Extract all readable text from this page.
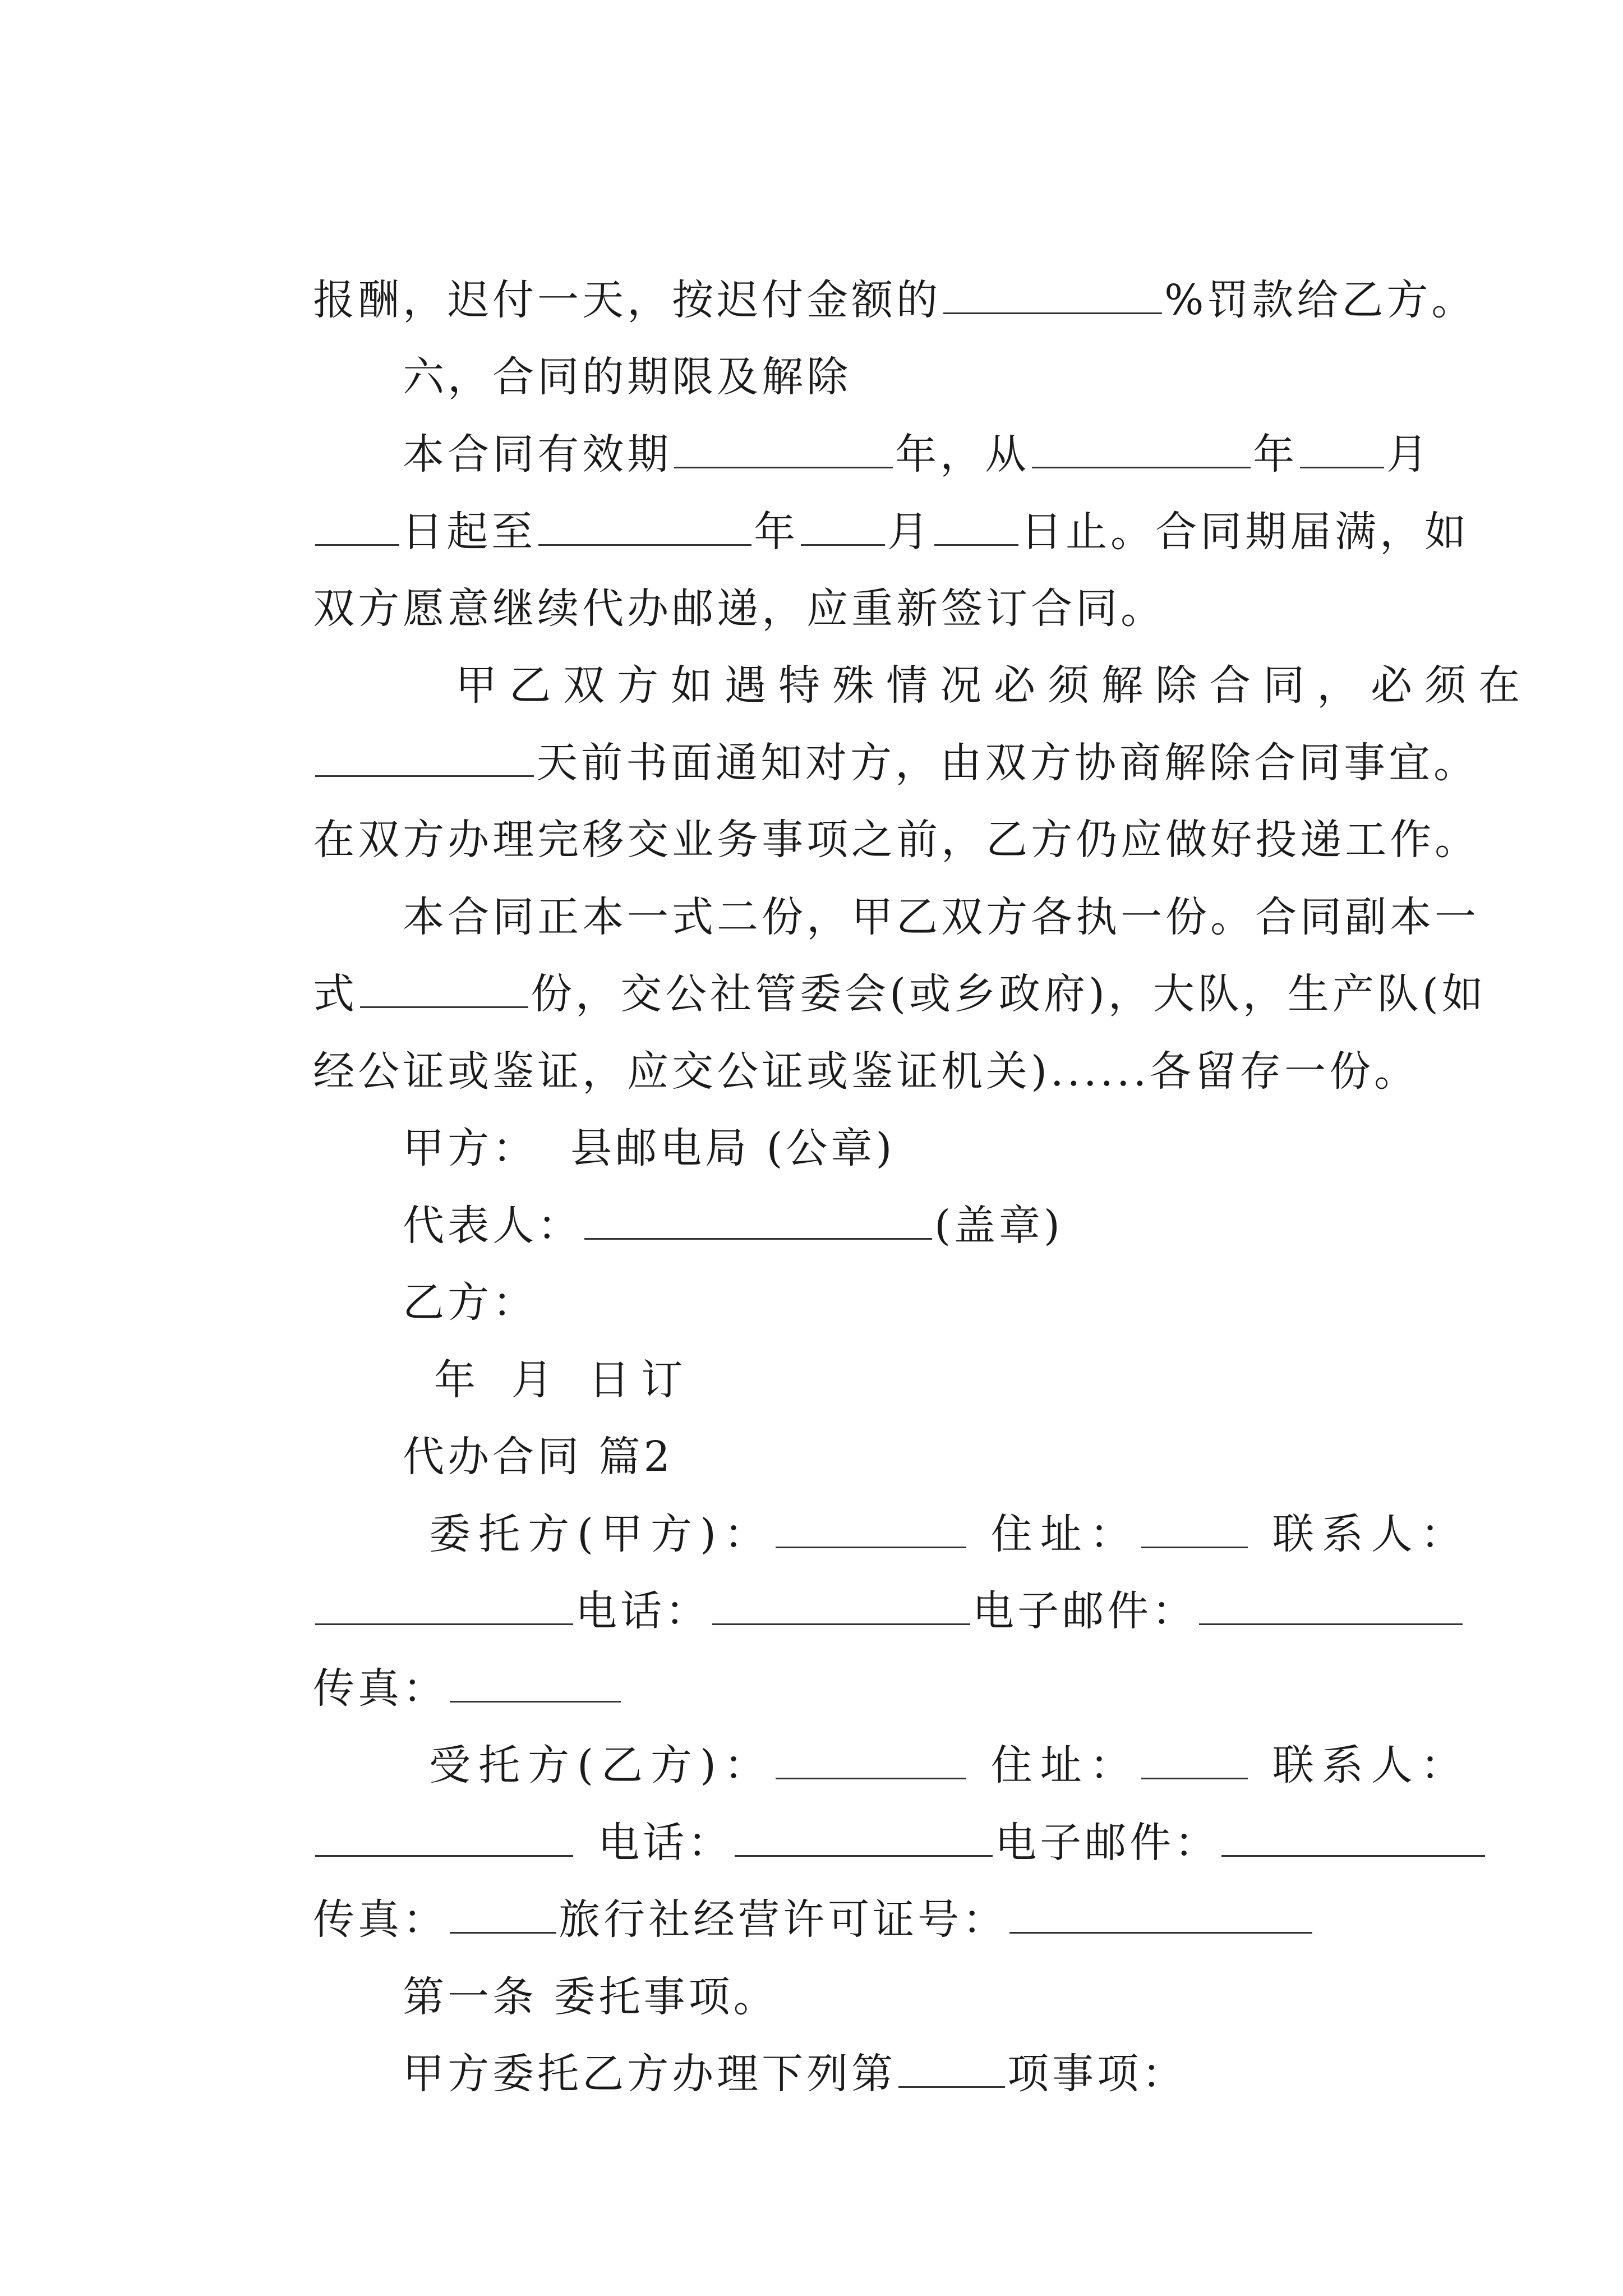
报酬，迟付一天，按迟付金额的	%罚款给乙方。

六，合同的期限及解除

本合同有效期	年，从	年 月

日起至	年 月 日止。合同期届满，如

双方愿意继续代办邮递，应重新签订合同。

甲乙双方如遇特殊情况必须解除合同，必须在

天前书面通知对方，由双方协商解除合同事宜。

在双方办理完移交业务事项之前，乙方仍应做好投递工作。

本合同正本一式二份，甲乙双方各执一份。合同副本一

式	份，交公社管委会(或乡政府)，大队，生产队(如

经公证或鉴证，应交公证或鉴证机关)......各留存一份。

甲方：  县邮电局 (公章)

代表人：	(盖章)

乙方：

年 月 日订

代办合同 篇2

委托方(甲方)：	住址：	联系人：

电话：	电子邮件：

传真：

受托方(乙方)：	住址：	联系人：

电话：	电子邮件：

传真：	旅行社经营许可证号：

第一条 委托事项。

甲方委托乙方办理下列第	项事项：
